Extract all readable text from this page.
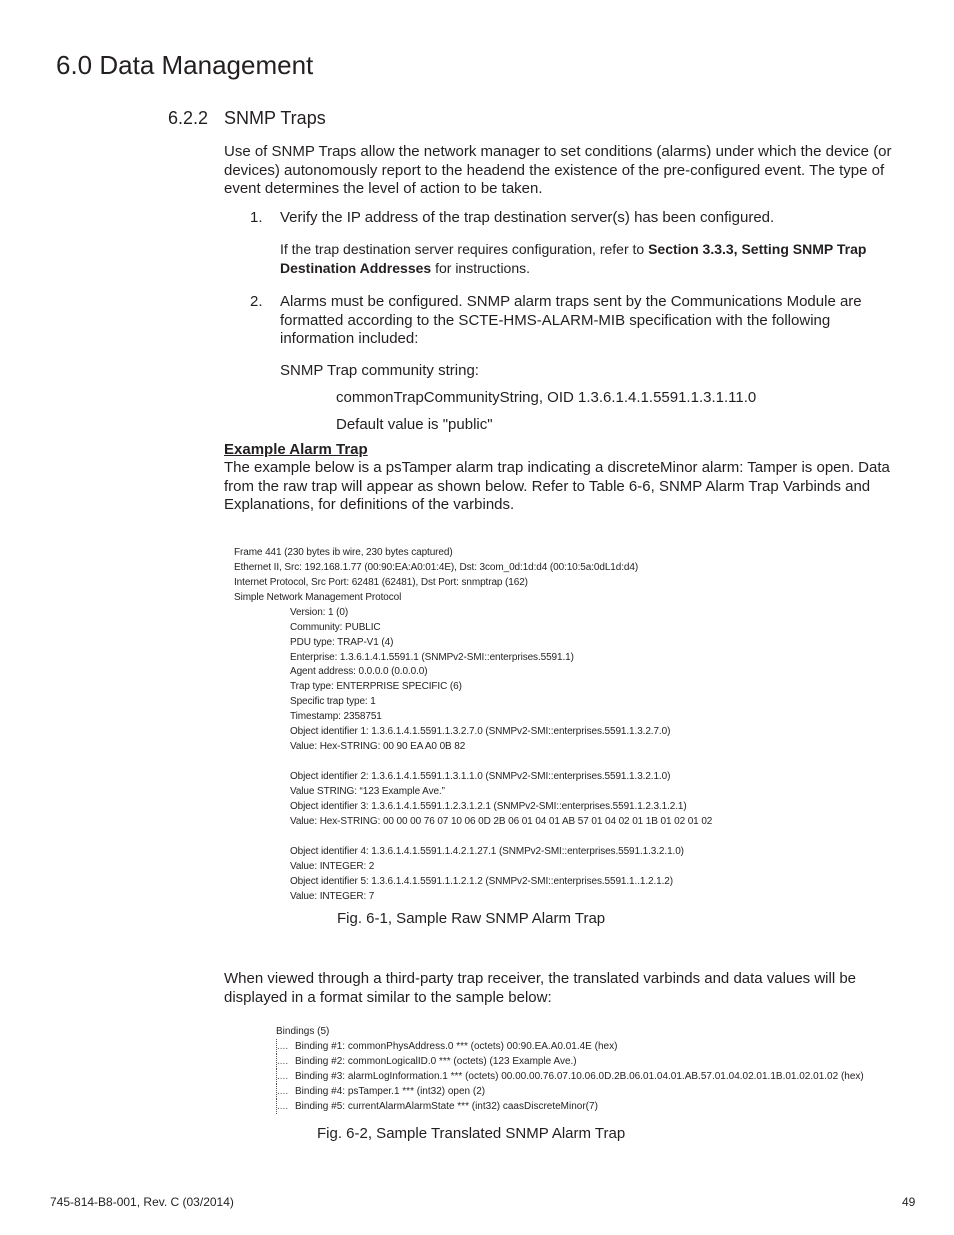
6.0 Data Management
6.2.2 SNMP Traps
Use of SNMP Traps allow the network manager to set conditions (alarms) under which the device (or devices) autonomously report to the headend the existence of the pre-configured event. The type of event determines the level of action to be taken.
1. Verify the IP address of the trap destination server(s) has been configured.
If the trap destination server requires configuration, refer to Section 3.3.3, Setting SNMP Trap Destination Addresses for instructions.
2. Alarms must be configured. SNMP alarm traps sent by the Communications Module are formatted according to the SCTE-HMS-ALARM-MIB specification with the following information included:
SNMP Trap community string:
commonTrapCommunityString, OID 1.3.6.1.4.1.5591.1.3.1.11.0
Default value is "public"
Example Alarm Trap
The example below is a psTamper alarm trap indicating a discreteMinor alarm: Tamper is open. Data from the raw trap will appear as shown below. Refer to Table 6-6, SNMP Alarm Trap Varbinds and Explanations, for definitions of the varbinds.
Frame 441 (230 bytes ib wire, 230 bytes captured)
Ethernet II, Src: 192.168.1.77 (00:90:EA:A0:01:4E), Dst: 3com_0d:1d:d4 (00:10:5a:0dL1d:d4)
Internet Protocol, Src Port: 62481 (62481), Dst Port: snmptrap (162)
Simple Network Management Protocol
Version: 1 (0)
Community: PUBLIC
PDU type: TRAP-V1 (4)
Enterprise: 1.3.6.1.4.1.5591.1 (SNMPv2-SMI::enterprises.5591.1)
Agent address: 0.0.0.0 (0.0.0.0)
Trap type: ENTERPRISE SPECIFIC (6)
Specific trap type: 1
Timestamp: 2358751
Object identifier 1: 1.3.6.1.4.1.5591.1.3.2.7.0 (SNMPv2-SMI::enterprises.5591.1.3.2.7.0)
Value: Hex-STRING: 00 90 EA A0 0B 82
Object identifier 2: 1.3.6.1.4.1.5591.1.3.1.1.0 (SNMPv2-SMI::enterprises.5591.1.3.2.1.0)
Value STRING: “123 Example Ave.”
Object identifier 3: 1.3.6.1.4.1.5591.1.2.3.1.2.1 (SNMPv2-SMI::enterprises.5591.1.2.3.1.2.1)
Value: Hex-STRING: 00 00 00 76 07 10 06 0D 2B 06 01 04 01 AB 57 01 04 02 01 1B 01 02 01 02
Object identifier 4: 1.3.6.1.4.1.5591.1.4.2.1.27.1 (SNMPv2-SMI::enterprises.5591.1.3.2.1.0)
Value: INTEGER: 2
Object identifier 5: 1.3.6.1.4.1.5591.1.1.2.1.2 (SNMPv2-SMI::enterprises.5591.1..1.2.1.2)
Value: INTEGER: 7
Fig. 6-1, Sample Raw SNMP Alarm Trap
When viewed through a third-party trap receiver, the translated varbinds and data values will be displayed in a format similar to the sample below:
Bindings (5)
.... Binding #1: commonPhysAddress.0 *** (octets) 00:90.EA.A0.01.4E (hex)
.... Binding #2: commonLogicalID.0 *** (octets) (123 Example Ave.)
.... Binding #3: alarmLogInformation.1 *** (octets) 00.00.00.76.07.10.06.0D.2B.06.01.04.01.AB.57.01.04.02.01.1B.01.02.01.02 (hex)
.... Binding #4: psTamper.1 *** (int32) open (2)
.... Binding #5: currentAlarmAlarmState *** (int32) caasDiscreteMinor(7)
Fig. 6-2, Sample Translated SNMP Alarm Trap
745-814-B8-001, Rev. C (03/2014)	49
